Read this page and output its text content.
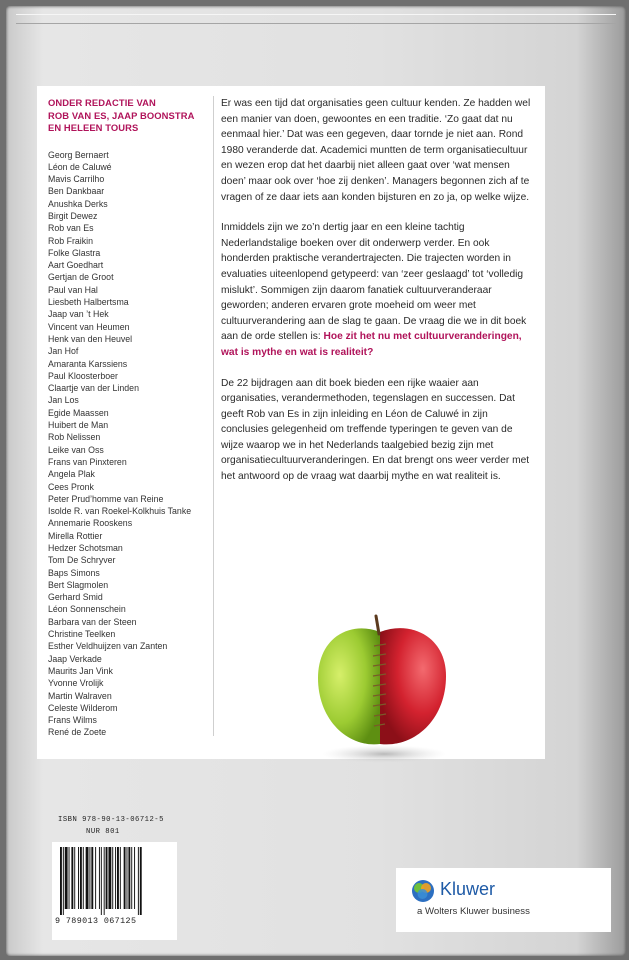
ONDER REDACTIE VAN
ROB VAN ES, JAAP BOONSTRA
EN HELEEN TOURS
Georg Bernaert
Léon de Caluwé
Mavis Carrilho
Ben Dankbaar
Anushka Derks
Birgit Dewez
Rob van Es
Rob Fraikin
Folke Glastra
Aart Goedhart
Gertjan de Groot
Paul van Hal
Liesbeth Halbertsma
Jaap van ’t Hek
Vincent van Heumen
Henk van den Heuvel
Jan Hof
Amaranta Karssiens
Paul Kloosterboer
Claartje van der Linden
Jan Los
Egide Maassen
Huibert de Man
Rob Nelissen
Leike van Oss
Frans van Pinxteren
Angela Plak
Cees Pronk
Peter Prud’homme van Reine
Isolde R. van Roekel-Kolkhuis Tanke
Annemarie Rooskens
Mirella Rottier
Hedzer Schotsman
Tom De Schryver
Baps Simons
Bert Slagmolen
Gerhard Smid
Léon Sonnenschein
Barbara van der Steen
Christine Teelken
Esther Veldhuijzen van Zanten
Jaap Verkade
Maurits Jan Vink
Yvonne Vrolijk
Martin Walraven
Celeste Wilderom
Frans Wilms
René de Zoete

Er was een tijd dat organisaties geen cultuur kenden. Ze hadden wel een manier van doen, gewoontes en een traditie. ‘Zo gaat dat nu eenmaal hier.’ Dat was een gegeven, daar tornde je niet aan. Rond 1980 veranderde dat. Academici muntten de term organisatiecultuur en wezen erop dat het daarbij niet alleen gaat over ‘wat mensen doen’ maar ook over ‘hoe zij denken’. Managers begonnen zich af te vragen of ze daar iets aan konden bijsturen en zo ja, op welke wijze.

Inmiddels zijn we zo’n dertig jaar en een kleine tachtig Nederlandstalige boeken over dit onderwerp verder. En ook honderden praktische verandertrajecten. Die trajecten worden in evaluaties uiteenlopend getypeerd: van ‘zeer geslaagd’ tot ‘volledig mislukt’. Sommigen zijn daarom fanatiek cultuurveranderaar geworden; anderen ervaren grote moeheid om weer met cultuurverandering aan de slag te gaan. De vraag die we in dit boek aan de orde stellen is: Hoe zit het nu met cultuurveranderingen, wat is mythe en wat is realiteit?

De 22 bijdragen aan dit boek bieden een rijke waaier aan organisaties, verandermethoden, tegenslagen en successen. Dat geeft Rob van Es in zijn inleiding en Léon de Caluwé in zijn conclusies gelegenheid om treffende typeringen te geven van de wijze waarop we in het Nederlands taalgebied bezig zijn met organisatiecultuurveranderingen. En dat brengt ons weer verder met het antwoord op de vraag wat daarbij mythe en wat realiteit is.

ISBN 978-90-13-06712-5
NUR 801
9 789013 067125
Kluwer
a Wolters Kluwer business
